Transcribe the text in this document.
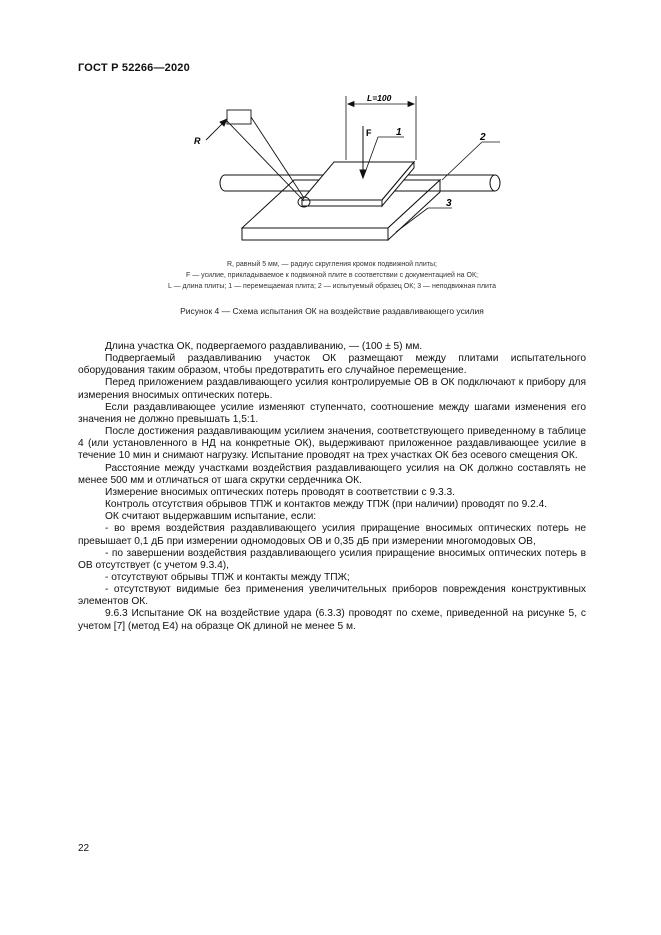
ГОСТ Р 52266—2020
L=100
F
R
1	2
3
R, равный 5 мм, — радиус скругления кромок подвижной плиты;
F — усилие, прикладываемое к подвижной плите в соответствии с документацией на ОК;
L — длина плиты; 1 — перемещаемая плита; 2 — испытуемый образец ОК; 3 — неподвижная плита
Рисунок 4 — Схема испытания ОК на воздействие раздавливающего усилия

Длина участка ОК, подвергаемого раздавливанию, — (100 ± 5) мм.

Подвергаемый раздавливанию участок ОК размещают между плитами испытательного оборудования таким образом, чтобы предотвратить его случайное перемещение.

Перед приложением раздавливающего усилия контролируемые ОВ в ОК подключают к прибору для измерения вносимых оптических потерь.

Если раздавливающее усилие изменяют ступенчато, соотношение между шагами изменения его значения не должно превышать 1,5:1.

После достижения раздавливающим усилием значения, соответствующего приведенному в таблице 4 (или установленного в НД на конкретные ОК), выдерживают приложенное раздавливающее усилие в течение 10 мин и снимают нагрузку. Испытание проводят на трех участках ОК без осевого смещения ОК.

Расстояние между участками воздействия раздавливающего усилия на ОК должно составлять не менее 500 мм и отличаться от шага скрутки сердечника ОК.

Измерение вносимых оптических потерь проводят в соответствии с 9.3.3.

Контроль отсутствия обрывов ТПЖ и контактов между ТПЖ (при наличии) проводят по 9.2.4.

ОК считают выдержавшим испытание, если:

- во время воздействия раздавливающего усилия приращение вносимых оптических потерь не превышает 0,1 дБ при измерении одномодовых ОВ и 0,35 дБ при измерении многомодовых ОВ,

- по завершении воздействия раздавливающего усилия приращение вносимых оптических потерь в ОВ отсутствует (с учетом 9.3.4),

- отсутствуют обрывы ТПЖ и контакты между ТПЖ;

- отсутствуют видимые без применения увеличительных приборов повреждения конструктивных элементов ОК.

9.6.3 Испытание ОК на воздействие удара (6.3.3) проводят по схеме, приведенной на рисунке 5, с учетом [7] (метод Е4) на образце ОК длиной не менее 5 м.

22
